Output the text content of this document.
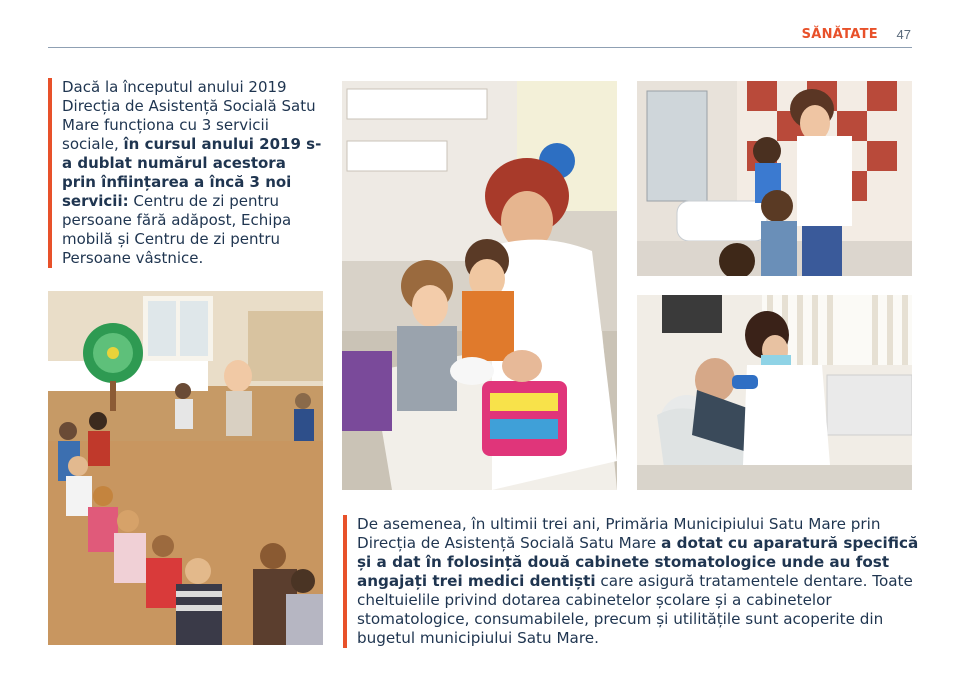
SĂNĂTATE 47
Dacă la începutul anului 2019 Direcția de Asistență Socială Satu Mare funcționa cu 3 servicii sociale, în cursul anului 2019 s-a dublat numărul acestora prin înființarea a încă 3 noi servicii: Centru de zi pentru persoane fără adăpost, Echipa mobilă și Centru de zi pentru Persoane vâstnice.
De asemenea, în ultimii trei ani, Primăria Municipiului Satu Mare prin Direcția de Asistență Socială Satu Mare a dotat cu aparatură specifică și a dat în folosință două cabinete stomatologice unde au fost angajați trei medici dentiști care asigură tratamentele dentare. Toate cheltuielile privind dotarea cabinetelor școlare și a cabinetelor stomatologice, consumabilele, precum și utilitățile sunt acoperite din bugetul municipiului Satu Mare.
